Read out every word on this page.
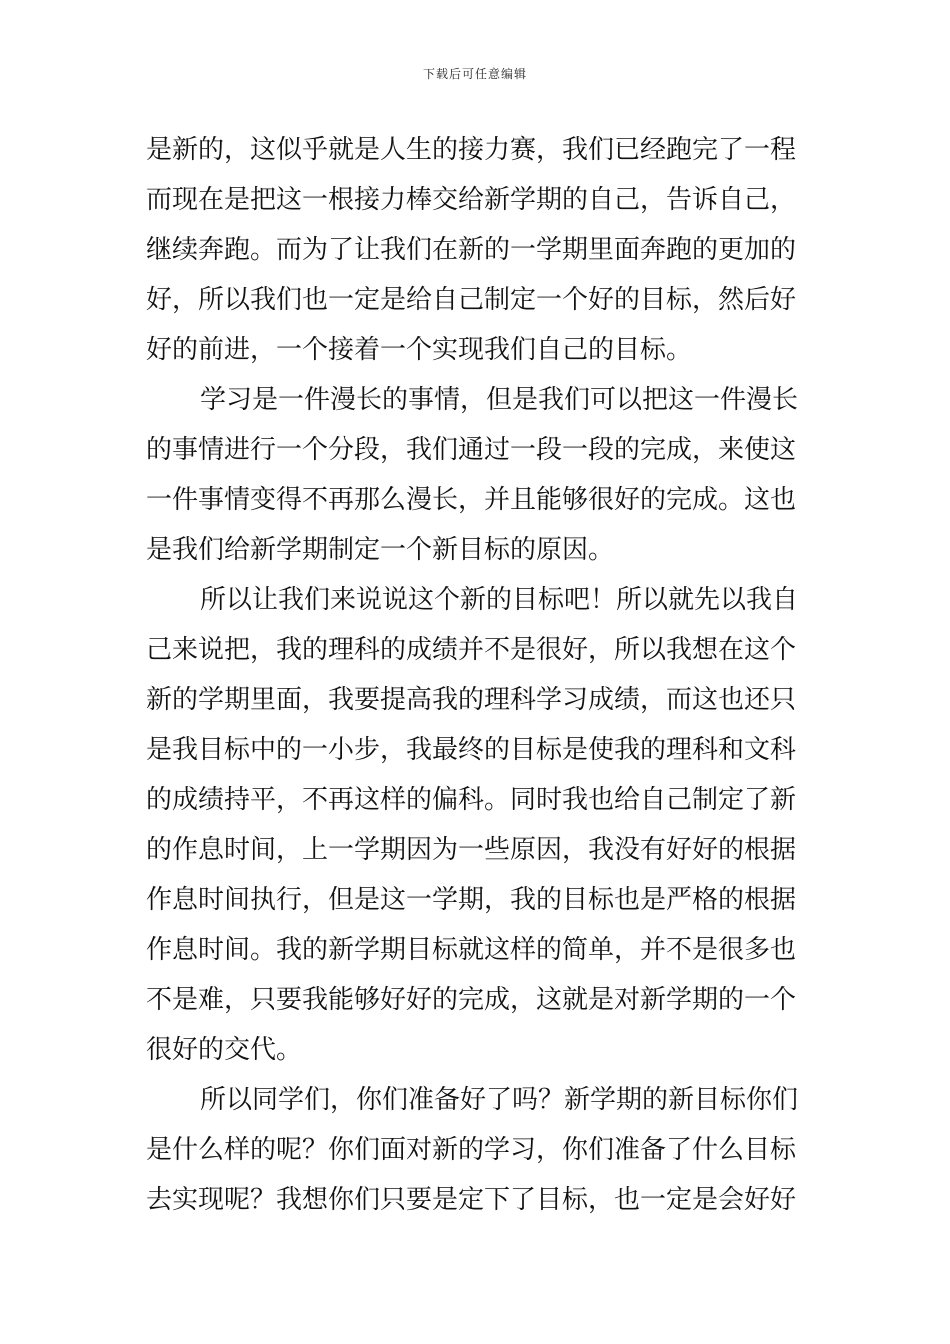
下载后可任意编辑
是新的，这似乎就是人生的接力赛，我们已经跑完了一程
而现在是把这一根接力棒交给新学期的自己，告诉自己，
继续奔跑。而为了让我们在新的一学期里面奔跑的更加的
好，所以我们也一定是给自己制定一个好的目标，然后好
好的前进，一个接着一个实现我们自己的目标。
学习是一件漫长的事情，但是我们可以把这一件漫长
的事情进行一个分段，我们通过一段一段的完成，来使这
一件事情变得不再那么漫长，并且能够很好的完成。这也
是我们给新学期制定一个新目标的原因。
所以让我们来说说这个新的目标吧！所以就先以我自
己来说把，我的理科的成绩并不是很好，所以我想在这个
新的学期里面，我要提高我的理科学习成绩，而这也还只
是我目标中的一小步，我最终的目标是使我的理科和文科
的成绩持平，不再这样的偏科。同时我也给自己制定了新
的作息时间，上一学期因为一些原因，我没有好好的根据
作息时间执行，但是这一学期，我的目标也是严格的根据
作息时间。我的新学期目标就这样的简单，并不是很多也
不是难，只要我能够好好的完成，这就是对新学期的一个
很好的交代。
所以同学们，你们准备好了吗？新学期的新目标你们
是什么样的呢？你们面对新的学习，你们准备了什么目标
去实现呢？我想你们只要是定下了目标，也一定是会好好
